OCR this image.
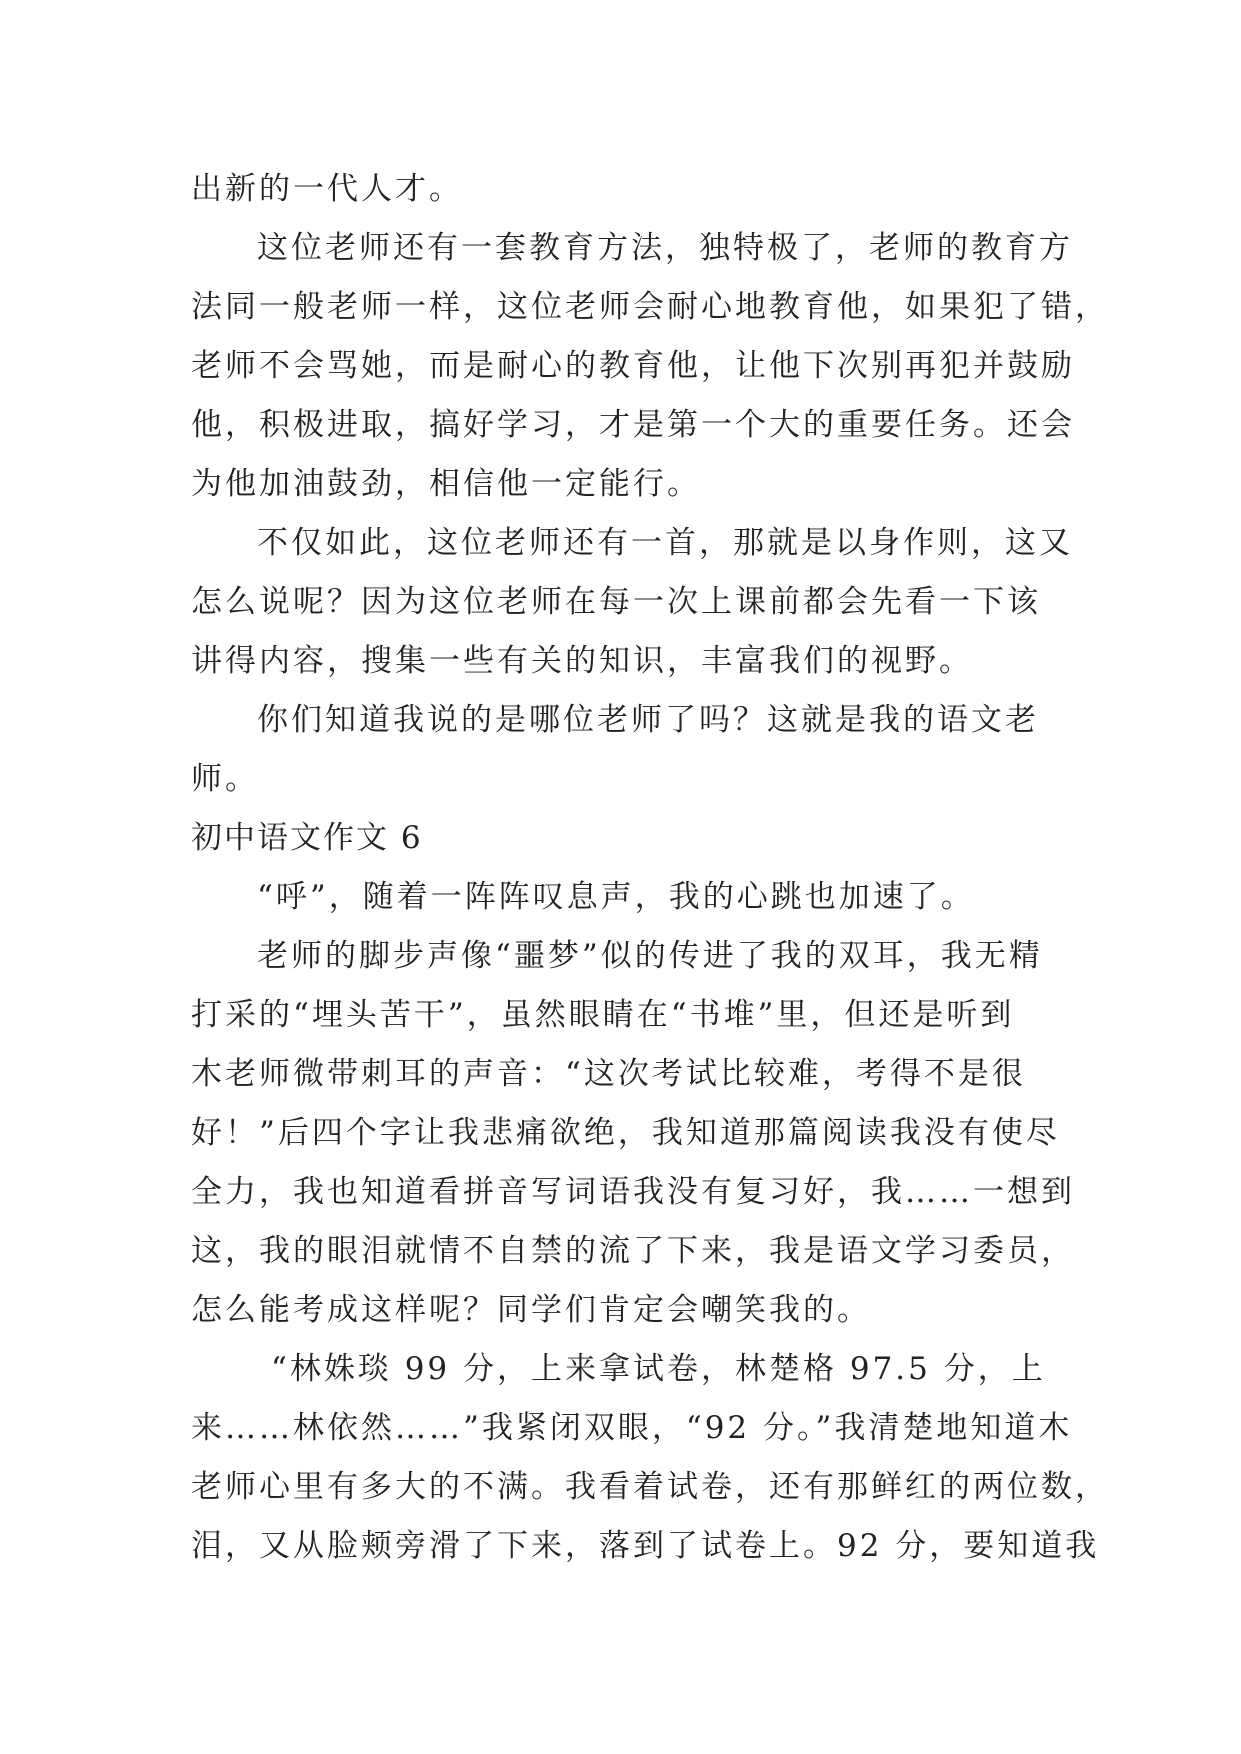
出新的一代人才。
这位老师还有一套教育方法，独特极了，老师的教育方
法同一般老师一样，这位老师会耐心地教育他，如果犯了错，
老师不会骂她，而是耐心的教育他，让他下次别再犯并鼓励
他，积极进取，搞好学习，才是第一个大的重要任务。还会
为他加油鼓劲，相信他一定能行。
不仅如此，这位老师还有一首，那就是以身作则，这又
怎么说呢？因为这位老师在每一次上课前都会先看一下该
讲得内容，搜集一些有关的知识，丰富我们的视野。
你们知道我说的是哪位老师了吗？这就是我的语文老
师。
初中语文作文 6
“呼”，随着一阵阵叹息声，我的心跳也加速了。
老师的脚步声像“噩梦”似的传进了我的双耳，我无精
打采的“埋头苦干”，虽然眼睛在“书堆”里，但还是听到
木老师微带刺耳的声音：“这次考试比较难，考得不是很
好！”后四个字让我悲痛欲绝，我知道那篇阅读我没有使尽
全力，我也知道看拼音写词语我没有复习好，我……一想到
这，我的眼泪就情不自禁的流了下来，我是语文学习委员，
怎么能考成这样呢？同学们肯定会嘲笑我的。
“林姝琰 99 分，上来拿试卷，林楚格 97.5 分，上
来……林依然……”我紧闭双眼，“92 分。”我清楚地知道木
老师心里有多大的不满。我看着试卷，还有那鲜红的两位数，
泪，又从脸颊旁滑了下来，落到了试卷上。92 分，要知道我
